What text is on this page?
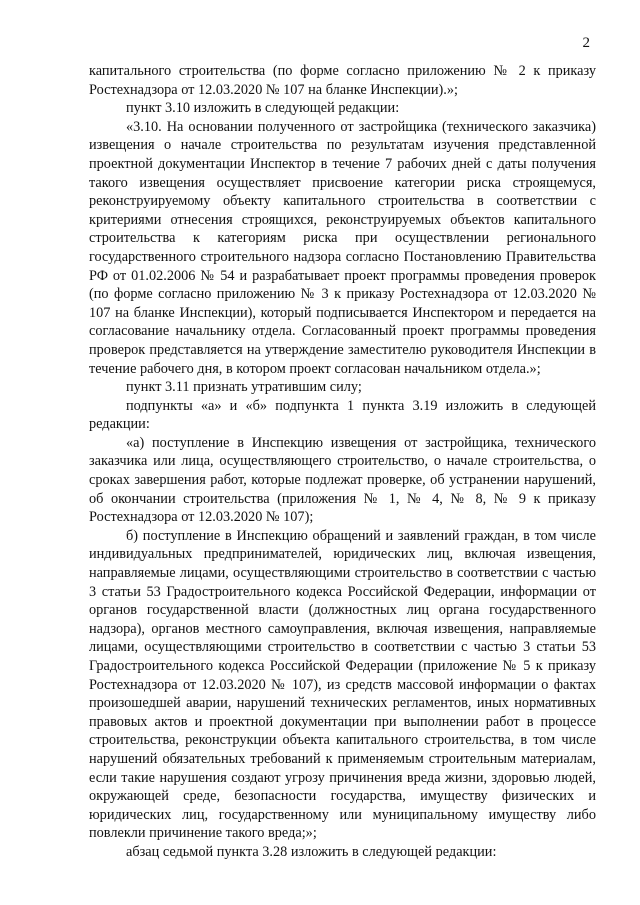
2

капитального строительства (по форме согласно приложению № 2 к приказу Ростехнадзора от 12.03.2020 № 107 на бланке Инспекции).»;

пункт 3.10 изложить в следующей редакции:

«3.10. На основании полученного от застройщика (технического заказчика) извещения о начале строительства по результатам изучения представленной проектной документации Инспектор в течение 7 рабочих дней с даты получения такого извещения осуществляет присвоение категории риска строящемуся, реконструируемому объекту капитального строительства в соответствии с критериями отнесения строящихся, реконструируемых объектов капитального строительства к категориям риска при осуществлении регионального государственного строительного надзора согласно Постановлению Правительства РФ от 01.02.2006 № 54 и разрабатывает проект программы проведения проверок (по форме согласно приложению № 3 к приказу Ростехнадзора от 12.03.2020 № 107 на бланке Инспекции), который подписывается Инспектором и передается на согласование начальнику отдела. Согласованный проект программы проведения проверок представляется на утверждение заместителю руководителя Инспекции в течение рабочего дня, в котором проект согласован начальником отдела.»;

пункт 3.11 признать утратившим силу;

подпункты «а» и «б» подпункта 1 пункта 3.19 изложить в следующей редакции:

«а) поступление в Инспекцию извещения от застройщика, технического заказчика или лица, осуществляющего строительство, о начале строительства, о сроках завершения работ, которые подлежат проверке, об устранении нарушений, об окончании строительства (приложения № 1, № 4, № 8, № 9 к приказу Ростехнадзора от 12.03.2020 № 107);

б) поступление в Инспекцию обращений и заявлений граждан, в том числе индивидуальных предпринимателей, юридических лиц, включая извещения, направляемые лицами, осуществляющими строительство в соответствии с частью 3 статьи 53 Градостроительного кодекса Российской Федерации, информации от органов государственной власти (должностных лиц органа государственного надзора), органов местного самоуправления, включая извещения, направляемые лицами, осуществляющими строительство в соответствии с частью 3 статьи 53 Градостроительного кодекса Российской Федерации (приложение № 5 к приказу Ростехнадзора от 12.03.2020 № 107), из средств массовой информации о фактах произошедшей аварии, нарушений технических регламентов, иных нормативных правовых актов и проектной документации при выполнении работ в процессе строительства, реконструкции объекта капитального строительства, в том числе нарушений обязательных требований к применяемым строительным материалам, если такие нарушения создают угрозу причинения вреда жизни, здоровью людей, окружающей среде, безопасности государства, имуществу физических и юридических лиц, государственному или муниципальному имуществу либо повлекли причинение такого вреда;»;

абзац седьмой пункта 3.28 изложить в следующей редакции:
